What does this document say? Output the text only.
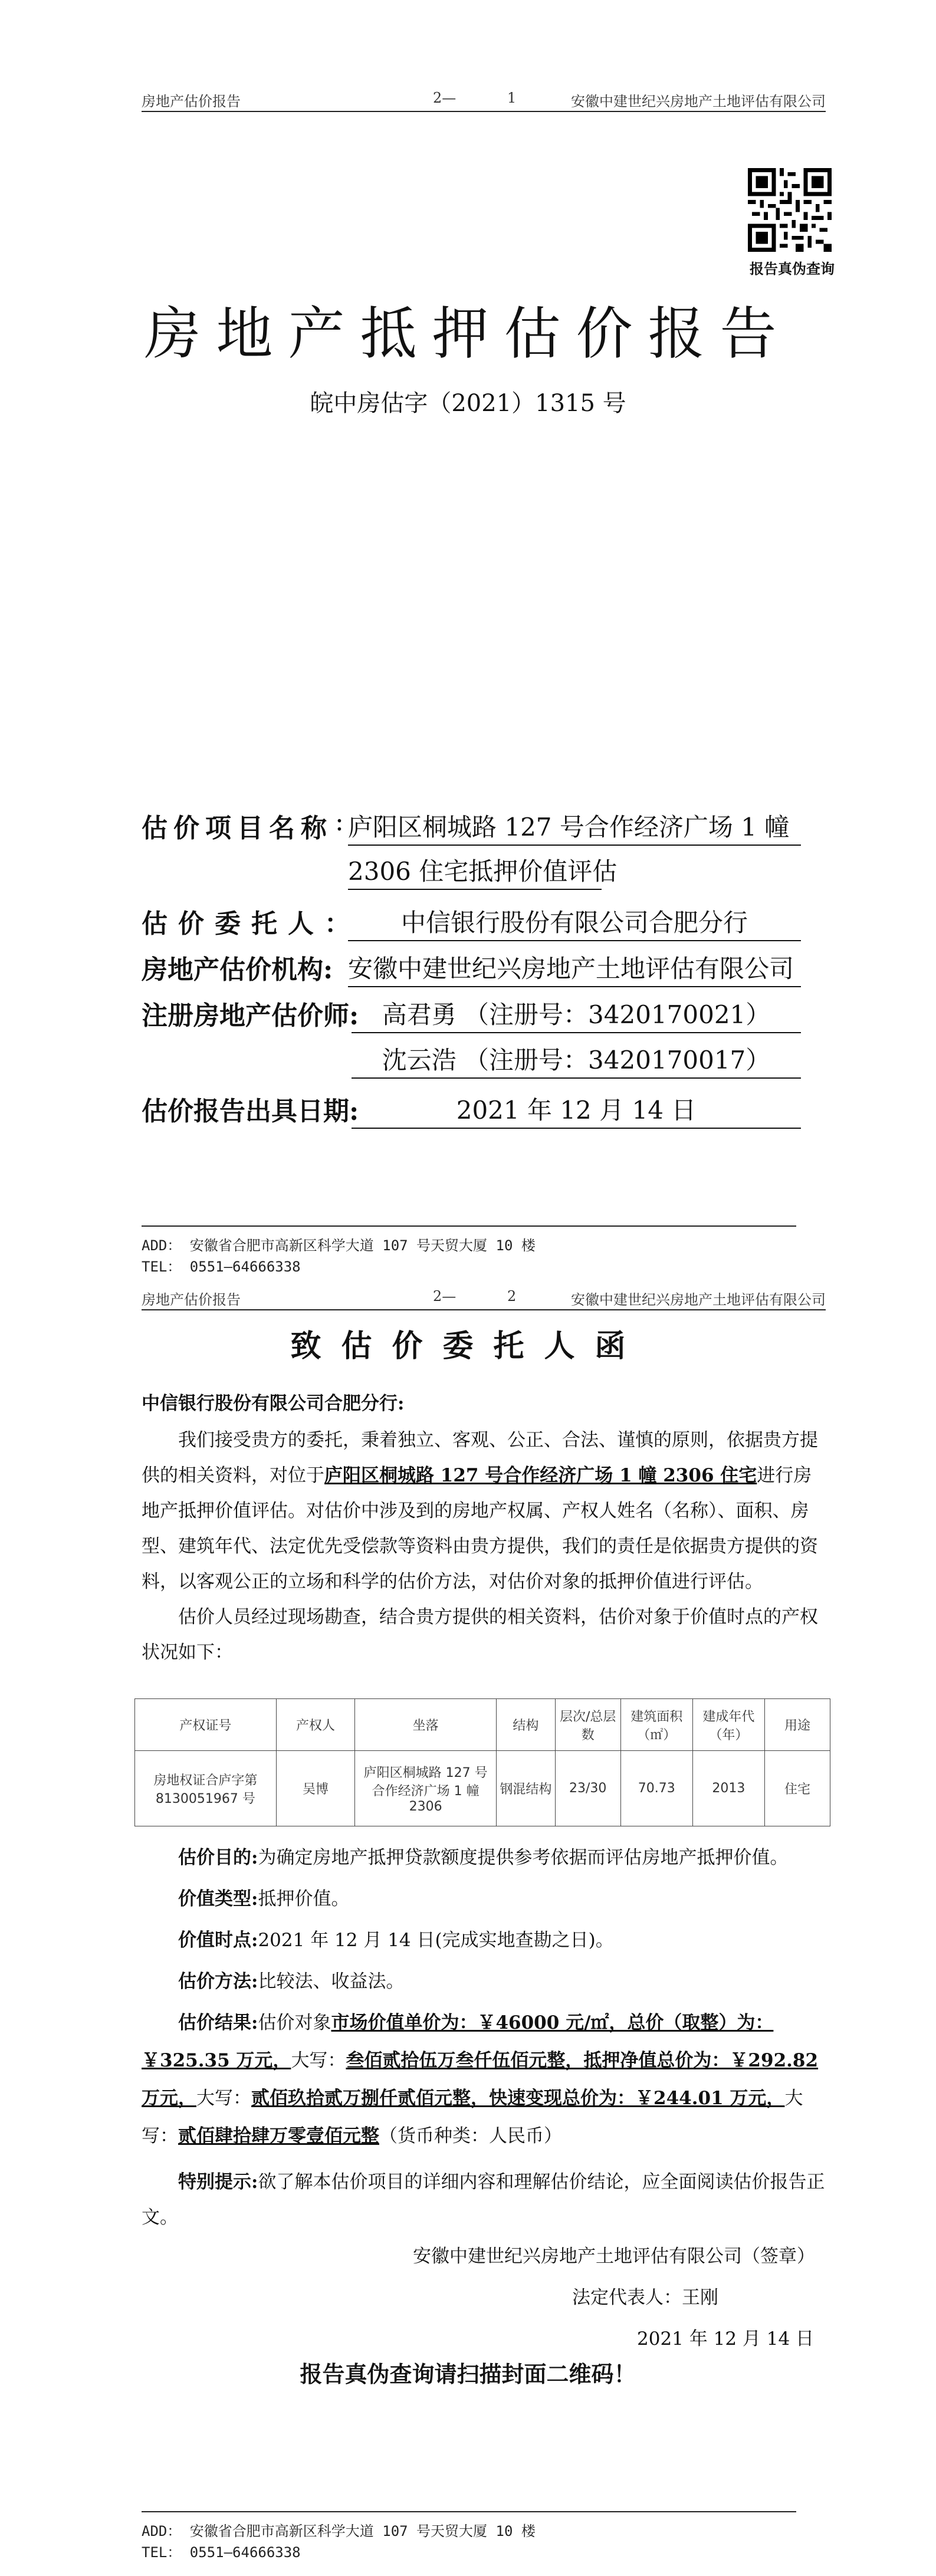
房地产估价报告	2—	1	安徽中建世纪兴房地产土地评估有限公司
报告真伪查询
房地产抵押估价报告
皖中房估字（2021）1315 号
估价项目名称 : 庐阳区桐城路 127 号合作经济广场 1 幢
2306 住宅抵押价值评估
估价委托人：	中信银行股份有限公司合肥分行
房地产估价机构: 安徽中建世纪兴房地产土地评估有限公司
注册房地产估价师: 高君勇 （注册号：3420170021）
沈云浩 （注册号：3420170017）
估价报告出具日期:	2021 年 12 月 14 日
ADD： 安徽省合肥市高新区科学大道 107 号天贸大厦 10 楼
TEL： 0551—64666338
房地产估价报告	2—	2	安徽中建世纪兴房地产土地评估有限公司
致估价委托人函
中信银行股份有限公司合肥分行:
我们接受贵方的委托，秉着独立、客观、公正、合法、谨慎的原则，依据贵方提供的相关资料，对位于庐阳区桐城路 127 号合作经济广场 1 幢 2306 住宅进行房地产抵押价值评估。对估价中涉及到的房地产权属、产权人姓名（名称）、面积、房型、建筑年代、法定优先受偿款等资料由贵方提供，我们的责任是依据贵方提供的资料，以客观公正的立场和科学的估价方法，对估价对象的抵押价值进行评估。
估价人员经过现场勘查，结合贵方提供的相关资料，估价对象于价值时点的产权状况如下：
产权证号	产权人	坐落	结构	层次/总层数	建筑面积（㎡）	建成年代（年）	用途
房地权证合庐字第 8130051967 号	吴博	庐阳区桐城路 127 号合作经济广场 1 幢 2306	钢混结构	23/30	70.73	2013	住宅
估价目的:为确定房地产抵押贷款额度提供参考依据而评估房地产抵押价值。
价值类型:抵押价值。
价值时点:2021 年 12 月 14 日(完成实地查勘之日)。
估价方法:比较法、收益法。
估价结果:估价对象市场价值单价为：￥46000 元/㎡，总价（取整）为：￥325.35 万元，大写：叁佰贰拾伍万叁仟伍佰元整，抵押净值总价为：￥292.82 万元，大写：贰佰玖拾贰万捌仟贰佰元整，快速变现总价为：￥244.01 万元，大写：贰佰肆拾肆万零壹佰元整（货币种类：人民币）
特别提示:欲了解本估价项目的详细内容和理解估价结论，应全面阅读估价报告正文。
安徽中建世纪兴房地产土地评估有限公司（签章）
法定代表人：王刚
2021 年 12 月 14 日
报告真伪查询请扫描封面二维码！
ADD： 安徽省合肥市高新区科学大道 107 号天贸大厦 10 楼
TEL： 0551—64666338
